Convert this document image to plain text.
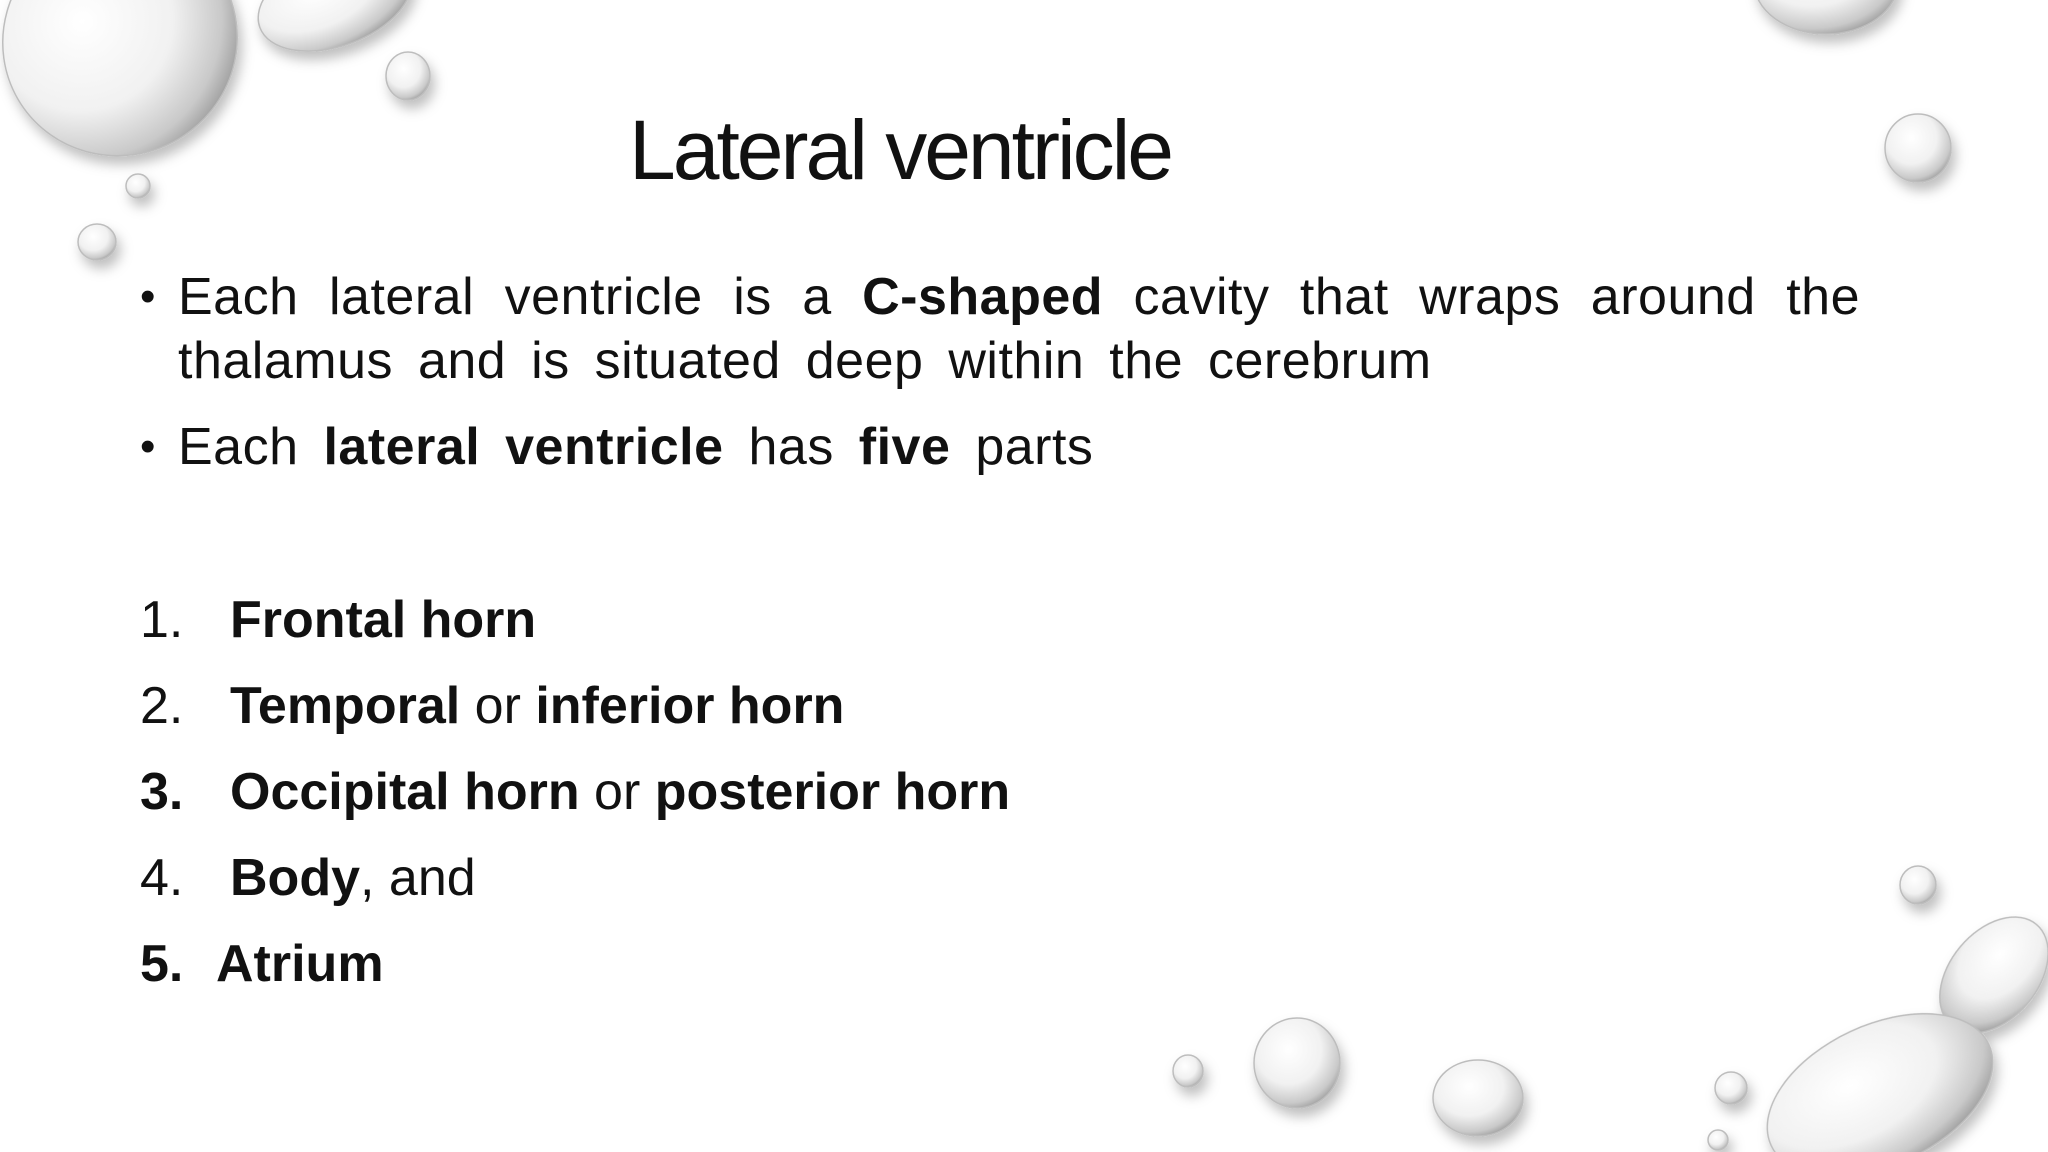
Lateral ventricle
• Each lateral ventricle is a C-shaped cavity that wraps around the thalamus and is situated deep within the cerebrum
• Each lateral ventricle has five parts
1. Frontal horn
2. Temporal or inferior horn
3. Occipital horn or posterior horn
4. Body, and
5. Atrium
